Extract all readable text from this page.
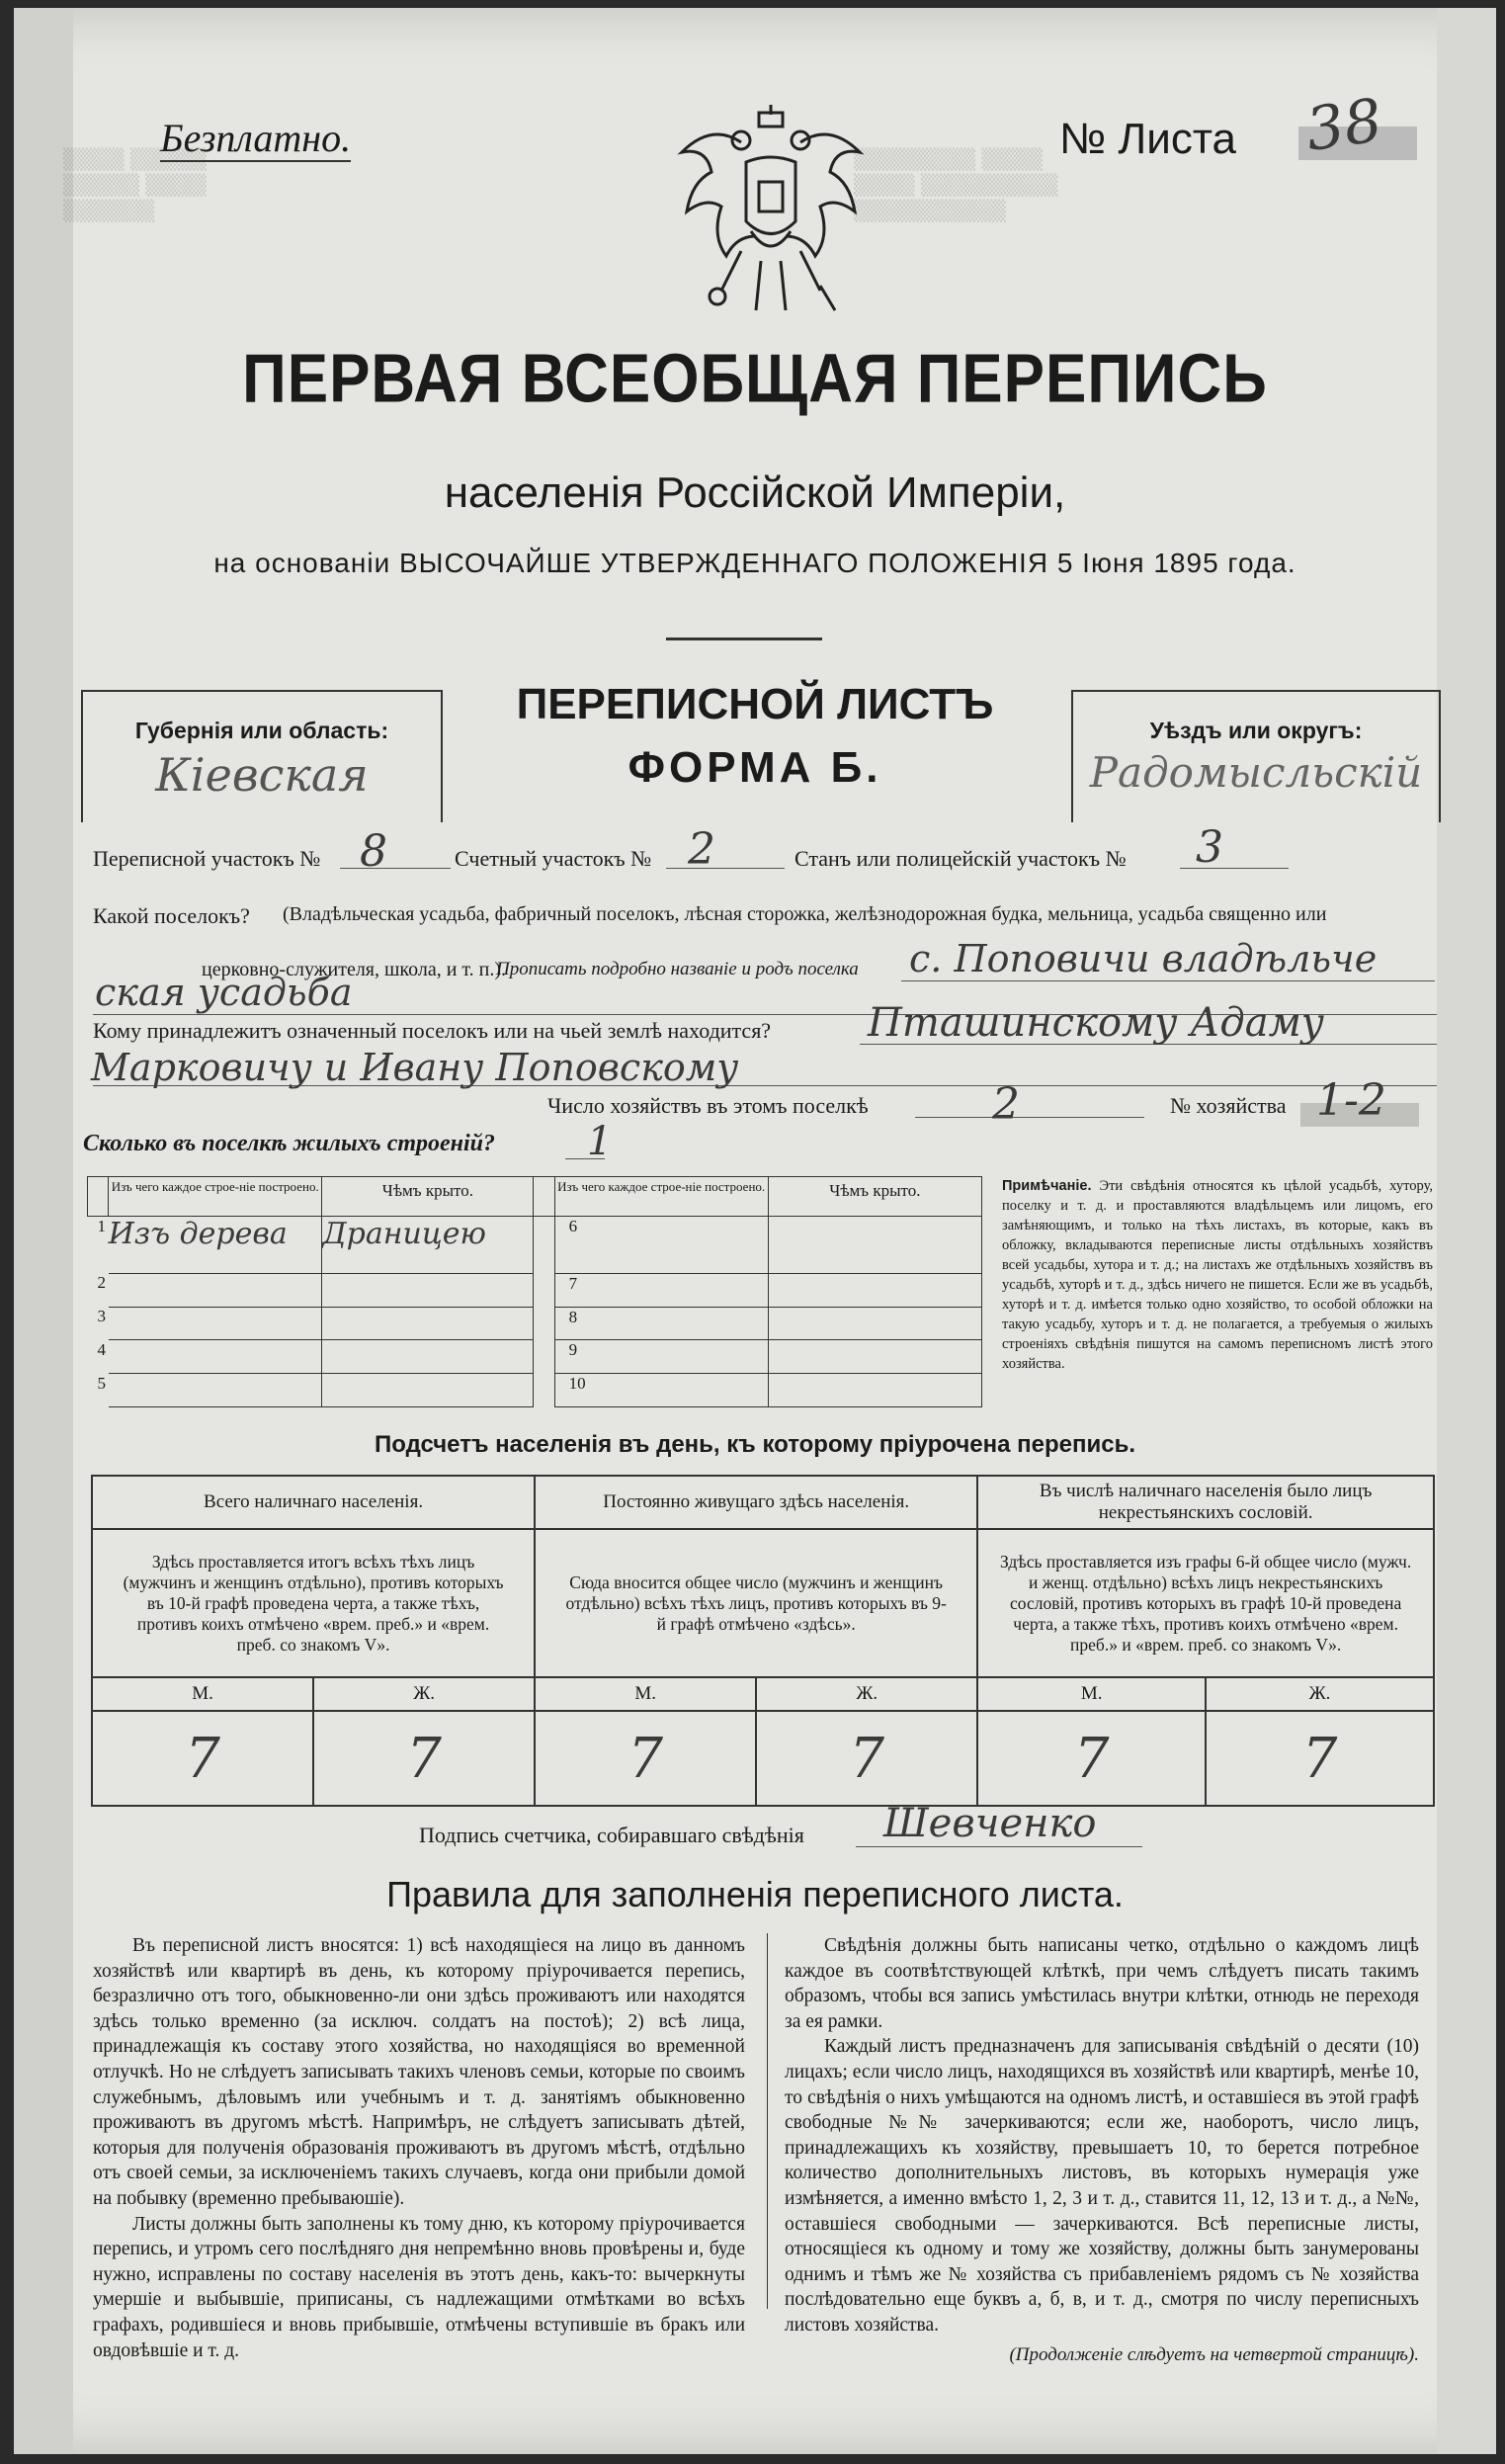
▒▒▒▒ ▒▒▒▒▒
▒▒▒▒▒ ▒▒▒▒
▒▒▒▒▒▒
▒▒▒▒▒▒▒▒ ▒▒▒▒
▒▒▒▒ ▒▒▒▒▒▒▒▒▒
▒▒▒▒▒▒▒▒▒▒
Безплатно.	№ Листа 38
ПЕРВАЯ ВСЕОБЩАЯ ПЕРЕПИСЬ
населенія Россійской Имперіи,
на основаніи ВЫСОЧАЙШЕ УТВЕРЖДЕННАГО ПОЛОЖЕНІЯ 5 Іюня 1895 года.
Губернія или область:
Кіевская
ПЕРЕПИСНОЙ ЛИСТЪ
ФОРМА Б.
Уѣздъ или округъ:
Радомысльскій
Переписной участокъ № 8	Счетный участокъ № 2	Станъ или полицейскій участокъ № 3
Какой поселокъ? (Владѣльческая усадьба, фабричный поселокъ, лѣсная сторожка, желѣзнодорожная будка, мельница, усадьба священно или
церковно-служителя, школа, и т. п.).
Прописать подробно названіе и родъ поселка с. Поповичи владѣльче
ская усадьба
Кому принадлежитъ означенный поселокъ или на чьей землѣ находится? Пташинскому Адаму
Марковичу и Ивану Поповскому
Число хозяйствъ въ этомъ поселкѣ	2	№ хозяйства 1-2
Сколько въ поселкѣ жилыхъ строеній? 1
	Изъ чего каждое строе-ніе построено.	Чѣмъ крыто.		Изъ чего каждое строе-ніе построено.	Чѣмъ крыто.
1	Изъ дерева	Драницею		6	
2				7	
3				8	
4				9	
5				10	
Примѣчаніе. Эти свѣдѣнія относятся къ цѣлой усадьбѣ, хутору, поселку и т. д. и проставляются владѣльцемъ или лицомъ, его замѣняющимъ, и только на тѣхъ листахъ, въ которые, какъ въ обложку, вкладываются переписные листы отдѣльныхъ хозяйствъ всей усадьбы, хутора и т. д.; на листахъ же отдѣльныхъ хозяйствъ въ усадьбѣ, хуторѣ и т. д., здѣсь ничего не пишется. Если же въ усадьбѣ, хуторѣ и т. д. имѣется только одно хозяйство, то особой обложки на такую усадьбу, хуторъ и т. д. не полагается, а требуемыя о жилыхъ строеніяхъ свѣдѣнія пишутся на самомъ переписномъ листѣ этого хозяйства.
Подсчетъ населенія въ день, къ которому пріурочена перепись.
Всего наличнаго населенія.		Постоянно живущаго здѣсь населенія.		Въ числѣ наличнаго населенія было лицъ некрестьянскихъ сословій.	
Здѣсь проставляется итогъ всѣхъ тѣхъ лицъ (мужчинъ и женщинъ отдѣльно), противъ которыхъ въ 10-й графѣ проведена черта, а также тѣхъ, противъ коихъ отмѣчено «врем. преб.» и «врем. преб. со знакомъ V».		Сюда вносится общее число (мужчинъ и женщинъ отдѣльно) всѣхъ тѣхъ лицъ, противъ которыхъ въ 9-й графѣ отмѣчено «здѣсь».		Здѣсь проставляется изъ графы 6-й общее число (мужч. и женщ. отдѣльно) всѣхъ лицъ некрестьянскихъ сословій, противъ которыхъ въ графѣ 10-й проведена черта, а также тѣхъ, противъ коихъ отмѣчено «врем. преб.» и «врем. преб. со знакомъ V».	
М.	Ж.	М.	Ж.	М.	Ж.
7	7	7	7	7	7
Подпись счетчика, собиравшаго свѣдѣнія Шевченко
Правила для заполненія переписного листа.

Въ переписной листъ вносятся: 1) всѣ находящіеся на лицо въ данномъ хозяйствѣ или квартирѣ въ день, къ которому пріурочивается перепись, безразлично отъ того, обыкновенно-ли они здѣсь проживаютъ или находятся здѣсь только временно (за исключ. солдатъ на постоѣ); 2) всѣ лица, принадлежащія къ составу этого хозяйства, но находящіяся во временной отлучкѣ. Но не слѣдуетъ записывать такихъ членовъ семьи, которые по своимъ служебнымъ, дѣловымъ или учебнымъ и т. д. занятіямъ обыкновенно проживаютъ въ другомъ мѣстѣ. Напримѣръ, не слѣдуетъ записывать дѣтей, которыя для полученія образованія проживаютъ въ другомъ мѣстѣ, отдѣльно отъ своей семьи, за исключеніемъ такихъ случаевъ, когда они прибыли домой на побывку (временно пребываюшіе).

Листы должны быть заполнены къ тому дню, къ которому пріурочивается перепись, и утромъ сего послѣдняго дня непремѣнно вновь провѣрены и, буде нужно, исправлены по составу населенія въ этотъ день, какъ-то: вычеркнуты умершіе и выбывшіе, приписаны, съ надлежащими отмѣтками во всѣхъ графахъ, родившіеся и вновь прибывшіе, отмѣчены вступившіе въ бракъ или овдовѣвшіе и т. д.

Свѣдѣнія должны быть написаны четко, отдѣльно о каждомъ лицѣ каждое въ соотвѣтствующей клѣткѣ, при чемъ слѣдуетъ писать такимъ образомъ, чтобы вся запись умѣстилась внутри клѣтки, отнюдь не переходя за ея рамки.

Каждый листъ предназначенъ для записыванія свѣдѣній о десяти (10) лицахъ; если число лицъ, находящихся въ хозяйствѣ или квартирѣ, менѣе 10, то свѣдѣнія о нихъ умѣщаются на одномъ листѣ, и оставшіеся въ этой графѣ свободные №№ зачеркиваются; если же, наоборотъ, число лицъ, принадлежащихъ къ хозяйству, превышаетъ 10, то берется потребное количество дополнительныхъ листовъ, въ которыхъ нумерація уже измѣняется, а именно вмѣсто 1, 2, 3 и т. д., ставится 11, 12, 13 и т. д., а №№, оставшіеся свободными — зачеркиваются. Всѣ переписные листы, относящіеся къ одному и тому же хозяйству, должны быть занумерованы однимъ и тѣмъ же № хозяйства съ прибавленіемъ рядомъ съ № хозяйства послѣдовательно еще буквъ а, б, в, и т. д., смотря по числу переписныхъ листовъ хозяйства.

(Продолженіе слѣдуетъ на четвертой страницѣ).
